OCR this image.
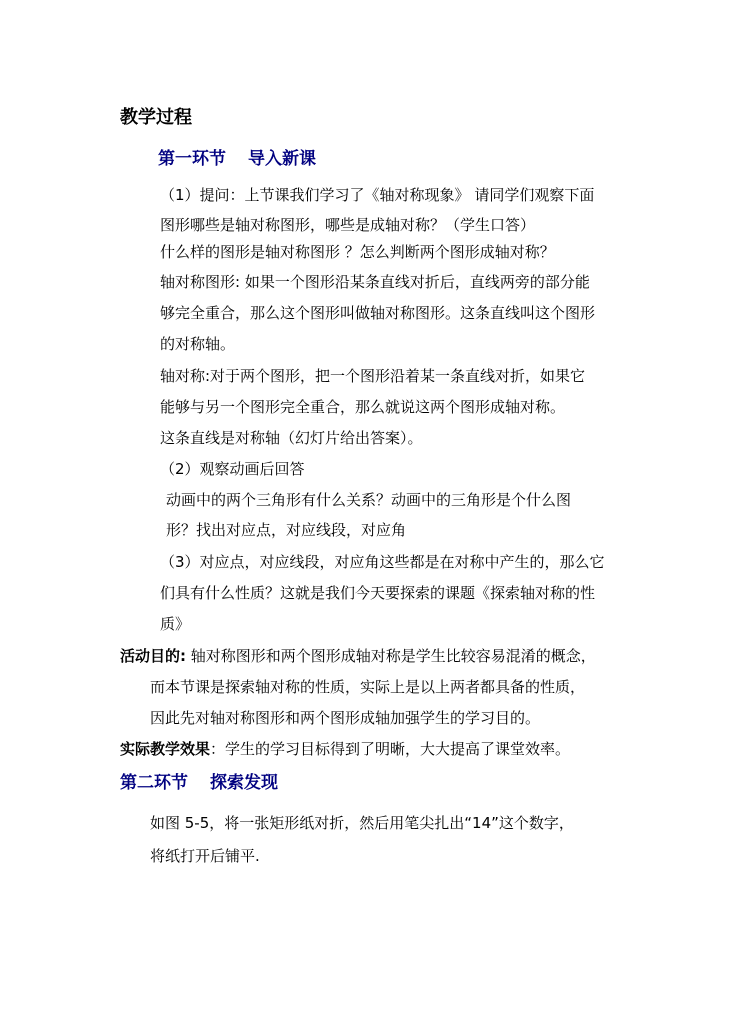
教学过程
第一环节 导入新课
（1）提问：上节课我们学习了《轴对称现象》 请同学们观察下面
图形哪些是轴对称图形，哪些是成轴对称？（学生口答）
什么样的图形是轴对称图形 ？怎么判断两个图形成轴对称？
轴对称图形: 如果一个图形沿某条直线对折后，直线两旁的部分能
够完全重合，那么这个图形叫做轴对称图形。这条直线叫这个图形
的对称轴。
轴对称:对于两个图形，把一个图形沿着某一条直线对折，如果它
能够与另一个图形完全重合，那么就说这两个图形成轴对称。
这条直线是对称轴（幻灯片给出答案）。
（2）观察动画后回答
动画中的两个三角形有什么关系？动画中的三角形是个什么图
形？找出对应点，对应线段，对应角
（3）对应点，对应线段，对应角这些都是在对称中产生的，那么它
们具有什么性质？这就是我们今天要探索的课题《探索轴对称的性
质》
活动目的: 轴对称图形和两个图形成轴对称是学生比较容易混淆的概念，
而本节课是探索轴对称的性质，实际上是以上两者都具备的性质，
因此先对轴对称图形和两个图形成轴加强学生的学习目的。
实际教学效果：学生的学习目标得到了明晰，大大提高了课堂效率。
第二环节 探索发现
如图 5-5，将一张矩形纸对折，然后用笔尖扎出“14”这个数字，
将纸打开后铺平.
